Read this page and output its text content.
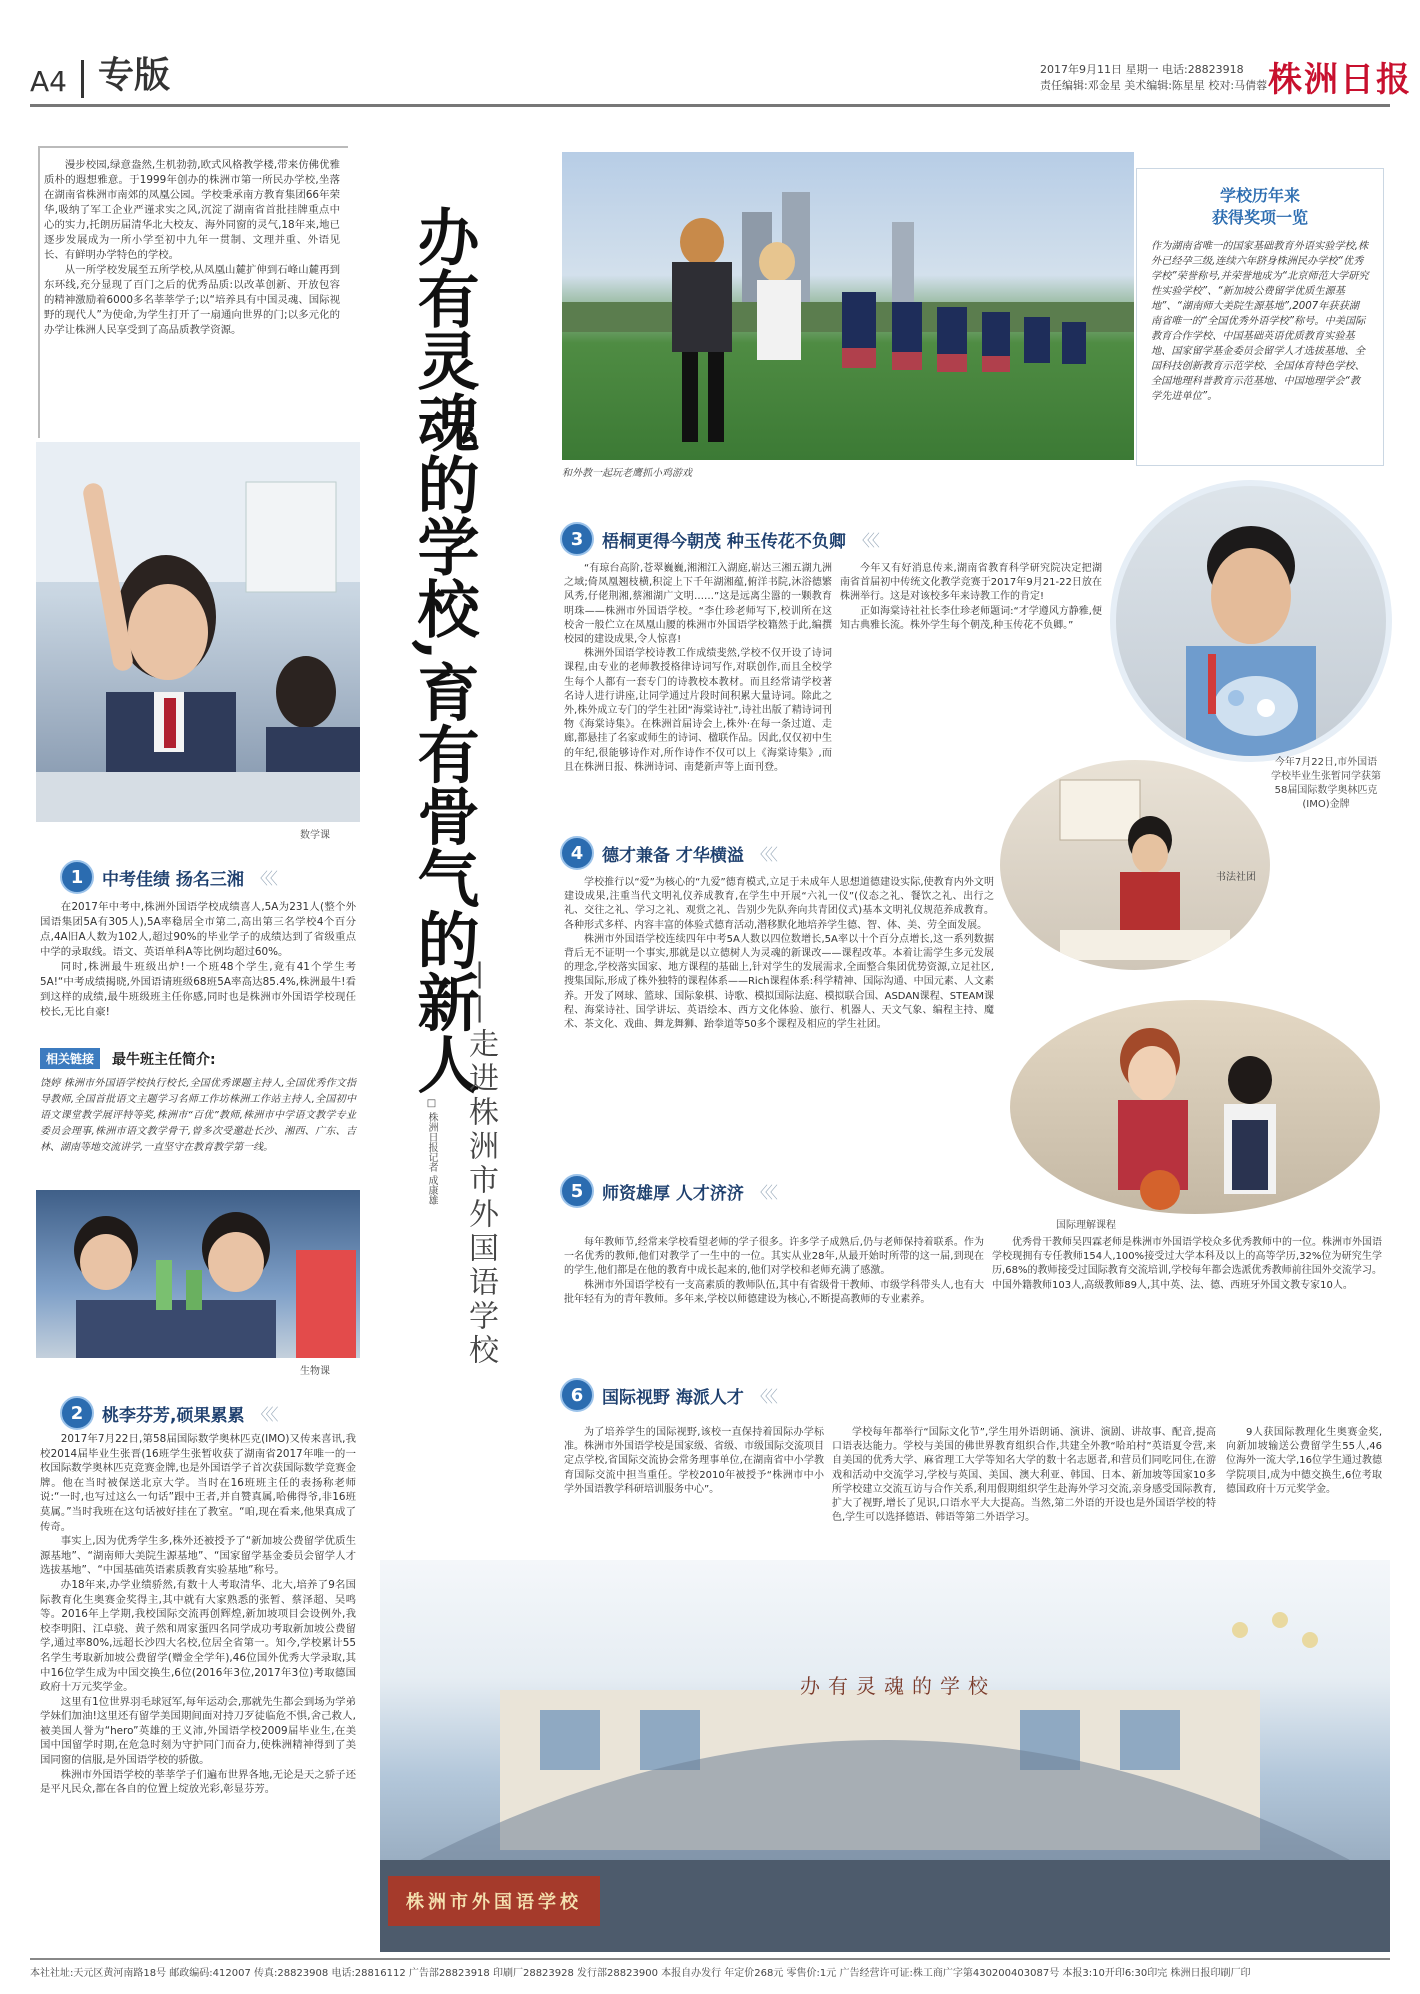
A4 专版	2017年9月11日 星期一 电话:28823918
责任编辑:邓金星 美术编辑:陈星星 校对:马倩蓉 株洲日报

漫步校园,绿意盎然,生机勃勃,欧式风格教学楼,带来仿佛优雅质朴的遐想雅意。于1999年创办的株洲市第一所民办学校,坐落在湖南省株洲市南郊的凤凰公园。学校秉承南方教育集团66年荣华,吸纳了军工企业严谨求实之风,沉淀了湖南省首批挂牌重点中心的实力,托朗历届清华北大校友、海外同窗的灵气,18年来,地已逐步发展成为一所小学至初中九年一贯制、文理并重、外语见长、有鲜明办学特色的学校。

从一所学校发展至五所学校,从凤凰山麓扩伸到石峰山麓再到东环线,充分显现了百门之后的优秀品质:以改革创新、开放包容的精神激励着6000多名莘莘学子;以“培养具有中国灵魂、国际视野的现代人”为使命,为学生打开了一扇通向世界的门;以多元化的办学让株洲人民享受到了高品质教学资源。

数学课
1	中考佳绩 扬名三湘 〈〈〈

在2017年中考中,株洲外国语学校成绩喜人,5A为231人(整个外国语集团5A有305人),5A率稳居全市第二,高出第三名学校4个百分点,4A旧A人数为102人,超过90%的毕业学子的成绩达到了省级重点中学的录取线。语文、英语单科A等比例均超过60%。

同时,株洲最牛班级出炉!一个班48个学生,竟有41个学生考5A!“中考成绩揭晓,外国语请班级68班5A率高达85.4%,株洲最牛!看到这样的成绩,最牛班级班主任你感,同时也是株洲市外国语学校现任校长,无比自豪!

相关链接	最牛班主任简介:
饶婷 株洲市外国语学校执行校长,全国优秀课题主持人,全国优秀作文指导教师,全国首批语文主题学习名师工作坊株洲工作站主持人,全国初中语文课堂教学展评特等奖,株洲市“百优”教师,株洲市中学语文教学专业委员会理事,株洲市语文教学骨干,曾多次受邀赴长沙、湘西、广东、吉林、湖南等地交流讲学,一直坚守在教育教学第一线。
生物课
2	桃李芬芳,硕果累累 〈〈〈

2017年7月22日,第58届国际数学奥林匹克(IMO)又传来喜讯,我校2014届毕业生张晋(16班学生张暂收获了湖南省2017年唯一的一枚国际数学奥林匹克竞赛金牌,也是外国语学子首次获国际数学竞赛金牌。他在当时被保送北京大学。当时在16班班主任的表扬称老师说:“一时,也写过这么一句话”跟中王者,并自赞真属,哈佛得爷,非16班莫属。”当时我班在这句话被好挂在了教室。“咱,现在看来,他果真成了传奇。

事实上,因为优秀学生多,株外还被授予了“新加坡公费留学优质生源基地”、“湖南师大美院生源基地”、“国家留学基金委员会留学人才选拔基地”、“中国基础英语素质教育实验基地”称号。

办18年来,办学业绩骄然,有数十人考取清华、北大,培养了9名国际教育化生奥赛金奖得主,其中就有大家熟悉的张暂、蔡泽超、吴鸣等。2016年上学期,我校国际交流再创辉煌,新加坡项目会设例外,我校李明阳、江卓骁、黄子然和周家蛋四名同学成功考取新加坡公费留学,通过率80%,远超长沙四大名校,位居全省第一。知今,学校累计55名学生考取新加坡公费留学(赠金全学年),46位国外优秀大学录取,其中16位学生成为中国交换生,6位(2016年3位,2017年3位)考取德国政府十万元奖学金。

这里有1位世界羽毛球冠军,每年运动会,那就先生都会到场为学弟学妹们加油!这里还有留学美国期间面对持刀歹徒临危不惧,舍己救人,被美国人誉为“hero”英雄的王义沛,外国语学校2009届毕业生,在美国中国留学时期,在危急时刻为守护同门而奋力,使株洲精神得到了美国同窗的信服,是外国语学校的骄傲。

株洲市外国语学校的莘莘学子们遍布世界各地,无论是天之骄子还是平凡民众,都在各自的位置上绽放光彩,彰显芬芳。

办有灵魂的学校,育有骨气的新人
——走进株洲市外国语学校
□ 株洲日报记者 成康雄
和外教一起玩老鹰抓小鸡游戏
学校历年来
获得奖项一览
作为湖南省唯一的国家基础教育外语实验学校,株外已经孕三级,连续六年跻身株洲民办学校“优秀学校”荣誉称号,并荣誉地成为“北京师范大学研究性实验学校”、“新加坡公费留学优质生源基地”、“湖南师大美院生源基地”,2007年获获湖南省唯一的“全国优秀外语学校”称号。中美国际教育合作学校、中国基础英语优质教育实验基地、国家留学基金委员会留学人才选拔基地、全国科技创新教育示范学校、全国体育特色学校、全国地理科普教育示范基地、中国地理学会“教学先进单位”。
3	梧桐更得今朝茂 种玉传花不负卿 〈〈〈

“有琼台高阶,苍翠巍巍,湘湘江入湖庭,崭达三湘五湖九洲之域;倚凤凰翘枝横,积淀上下千年湖湘蕴,俯洋书院,沐浴德繁风秀,仔佬荆湘,蔡湘湖广文明……”这是远离尘嚣的一颗教育明珠——株洲市外国语学校。“李仕珍老师写下,校训所在这校舍一般伫立在凤凰山腰的株洲市外国语学校籍然于此,编撰校园的建设成果,令人惊喜!

株洲外国语学校诗教工作成绩斐然,学校不仅开设了诗词课程,由专业的老师教授格律诗词写作,对联创作,而且全校学生每个人都有一套专门的诗教校本教材。而且经常请学校著名诗人进行讲座,让同学通过片段时间积累大量诗词。除此之外,株外成立专门的学生社团“海棠诗社”,诗社出版了精诗词刊物《海棠诗集》。在株洲首届诗会上,株外·在每一条过道、走廊,都悬挂了名家或师生的诗词、楹联作品。因此,仅仅初中生的年纪,很能够诗作对,所作诗作不仅可以上《海棠诗集》,而且在株洲日报、株洲诗词、南楚新声等上面刊登。

今年又有好消息传来,湖南省教育科学研究院决定把湖南省首届初中传统文化教学竞赛于2017年9月21-22日放在株洲举行。这是对该校多年来诗教工作的肯定!

正如海棠诗社社长李仕珍老师题词:“才学遵风方静雅,便知古典雅长流。株外学生每个朝茂,种玉传花不负卿。”

今年7月22日,市外国语学校毕业生张暂同学获第58届国际数学奥林匹克(IMO)金牌
书法社团
4	德才兼备 才华横溢 〈〈〈

学校推行以“爱”为核心的“九爱”德育模式,立足于未成年人思想道德建设实际,使教育内外文明建设成果,注重当代文明礼仪养成教育,在学生中开展“六礼一仪”(仪态之礼、餐饮之礼、出行之礼、交往之礼、学习之礼、观赏之礼、告别少先队奔向共青团仪式)基本文明礼仪规范养成教育。各种形式多样、内容丰富的体验式德育活动,潜移默化地培养学生德、智、体、美、劳全面发展。

株洲市外国语学校连续四年中考5A人数以四位数增长,5A率以十个百分点增长,这一系列数据背后无不证明一个事实,那就是以立德树人为灵魂的新课改——课程改革。本着让需学生多元发展的理念,学校落实国家、地方课程的基础上,针对学生的发展需求,全面整合集团优势资源,立足社区,搜集国际,形成了株外独特的课程体系——Rich课程体系:科学精神、国际沟通、中国元素、人文素养。开发了网球、篮球、国际象棋、诗歌、模拟国际法庭、模拟联合国、ASDAN课程、STEAM课程、海棠诗社、国学讲坛、英语绘本、西方文化体验、旅行、机器人、天文气象、编程主持、魔术、茶文化、戏曲、舞龙舞狮、跆拳道等50多个课程及相应的学生社团。

国际理解课程
5	师资雄厚 人才济济 〈〈〈

每年教师节,经常来学校看望老师的学子很多。许多学子成熟后,仍与老师保持着联系。作为一名优秀的教师,他们对教学了一生中的一位。其实从业28年,从最开始时所带的这一届,到现在的学生,他们都是在他的教育中成长起来的,他们对学校和老师充满了感激。

株洲市外国语学校有一支高素质的教师队伍,其中有省级骨干教师、市级学科带头人,也有大批年轻有为的青年教师。多年来,学校以师德建设为核心,不断提高教师的专业素养。

优秀骨干教师吴四霖老师是株洲市外国语学校众多优秀教师中的一位。株洲市外国语学校现拥有专任教师154人,100%接受过大学本科及以上的高等学历,32%位为研究生学历,68%的教师接受过国际教育交流培训,学校每年都会选派优秀教师前往国外交流学习。中国外籍教师103人,高级教师89人,其中英、法、德、西班牙外国文教专家10人。

6	国际视野 海派人才 〈〈〈

为了培养学生的国际视野,该校一直保持着国际办学标准。株洲市外国语学校是国家级、省级、市级国际交流项目定点学校,省国际交流协会常务理事单位,在湖南省中小学教育国际交流中担当重任。学校2010年被授予“株洲市中小学外国语教学科研培训服务中心”。

学校每年都举行“国际文化节”,学生用外语朗诵、演讲、演剧、讲故事、配音,提高口语表达能力。学校与美国的佛世界教育组织合作,共建全外教“哈珀村”英语夏令营,来自美国的优秀大学、麻省理工大学等知名大学的数十名志愿者,和营员们同吃同住,在游戏和活动中交流学习,学校与英国、美国、澳大利亚、韩国、日本、新加坡等国家10多所学校建立交流互访与合作关系,利用假期组织学生赴海外学习交流,亲身感受国际教育,扩大了视野,增长了见识,口语水平大大提高。当然,第二外语的开设也是外国语学校的特色,学生可以选择德语、韩语等第二外语学习。

9人获国际教理化生奥赛金奖,向新加坡输送公费留学生55人,46位海外一流大学,16位学生通过教德学院项目,成为中德交换生,6位考取德国政府十万元奖学金。

办有灵魂的学校
株洲市外国语学校
本社社址:天元区黄河南路18号 邮政编码:412007 传真:28823908 电话:28816112 广告部28823918 印刷厂28823928 发行部28823900 本报自办发行 年定价268元 零售价:1元 广告经营许可证:株工商广字第430200403087号 本报3:10开印6:30印完 株洲日报印刷厂印
